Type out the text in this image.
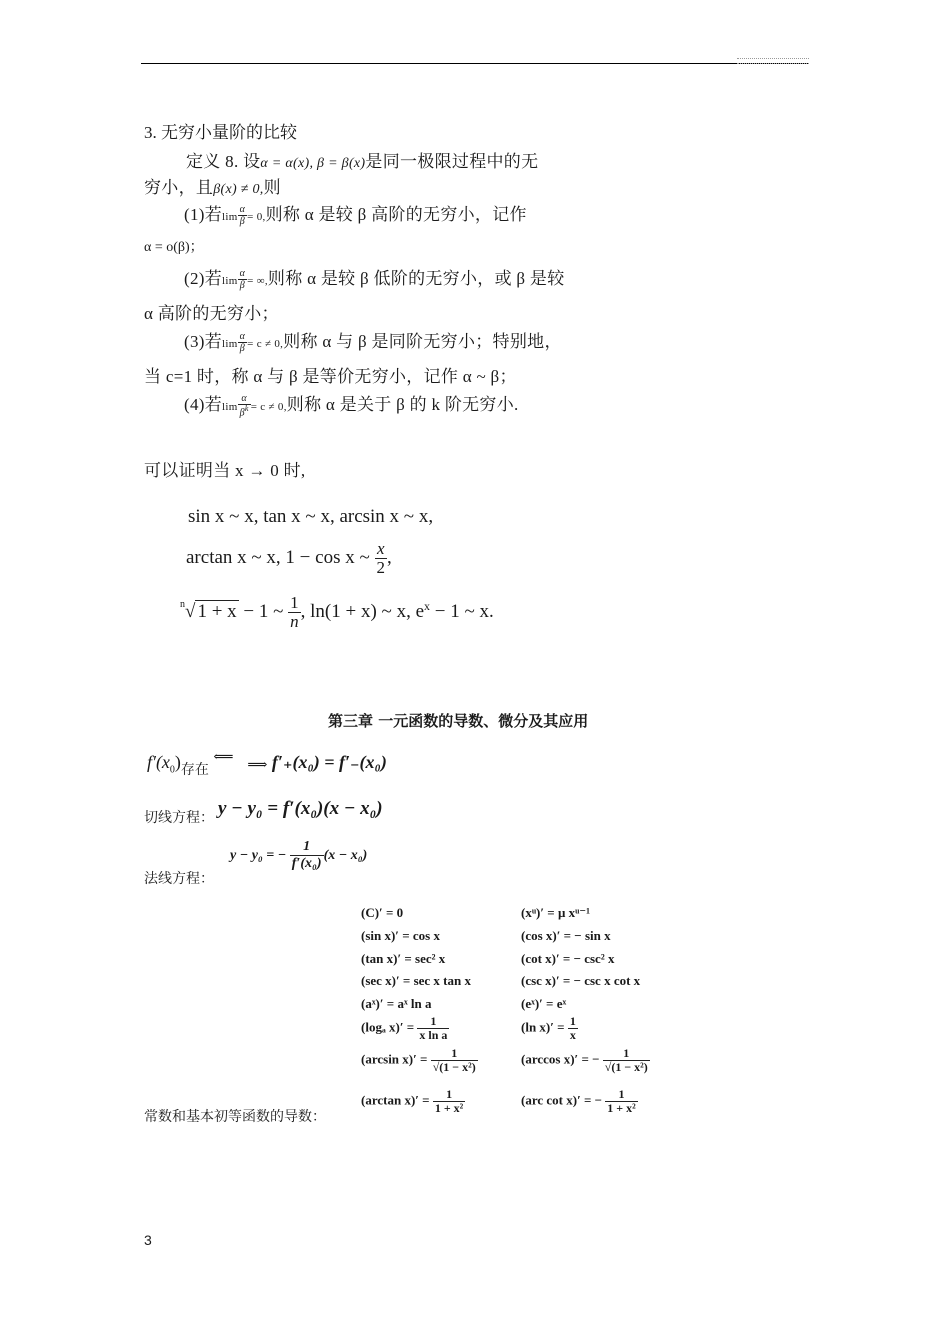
3. 无穷小量阶的比较
定义 8. 设α = α(x), β = β(x)是同一极限过程中的无
穷小，且β(x) ≠ 0,则
(1)若$\lim \frac{\alpha}{\beta} = 0$,则称 α 是较 β 高阶的无穷小，记作
α = o(β)；
(2)若$\lim \frac{\alpha}{\beta}$ = ∞,则称 α 是较 β 低阶的无穷小，或 β 是较
α 高阶的无穷小；
(3)若$\lim \frac{\alpha}{\beta} = c \ne 0$,则称 α 与 β 是同阶无穷小；特别地，
当 c=1 时，称 α 与 β 是等价无穷小，记作 α ~ β；
(4)若$\lim \frac{\alpha}{\beta^k} = c \ne 0$,则称 α 是关于 β 的 k 阶无穷小.
可以证明当 x → 0 时,
sin x ~ x, tan x ~ x, arcsin x ~ x,
arctan x ~ x, 1 − cos x ~ $\frac{x}{2}$ ,
$^n$√ 1 + x − 1 ~ $\frac{1}{n}$ , ln(1 + x) ~ x, $e^x - 1$ ~ x.
第三章 一元函数的导数、微分及其应用
$f'(x_0)_{存在}$ ⟸ ⟹	f′₊(x₀) = f′₋(x₀)
切线方程： y − y₀ = f′(x₀)(x − x₀)
法线方程：
y − y₀ = − $\frac{1}{\text{f′(x₀)}} (x - x_0)$
(C)′ = 0	(xᵘ)′ = μ xᵘ⁻¹
(sin x)′ = cos x	(cos x)′ = − sin x
(tan x)′ = sec² x	(cot x)′ = − csc² x
(sec x)′ = sec x tan x	(csc x)′ = − csc x cot x
(aˣ)′ = aˣ ln a	(eˣ)′ = eˣ
(logₐ $x)' = \frac{1}{\text{x ln a}}$	(ln $x)' = \frac{1}{x}$
(arcsin $x)' = \frac{1}{\text{√(1 − x²)}}$	(arccos x)′ = − $\frac{1}{\text{√(1 − x²)}}$
常数和基本初等函数的导数：
(arctan $x)' = \frac{1}{\text{1 + x²}}$	(arc cot x)′ = − $\frac{1}{\text{1 + x²}}$
3
